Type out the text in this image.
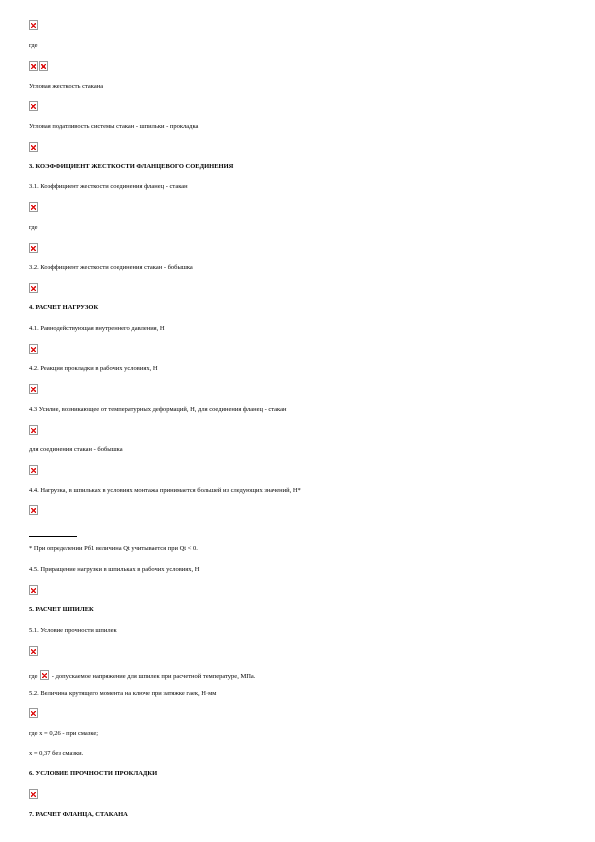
где
Угловая жесткость стакана
Угловая податливость системы стакан - шпильки - прокладка
3. КОЭФФИЦИЕНТ ЖЕСТКОСТИ ФЛАНЦЕВОГО СОЕДИНЕНИЯ
3.1. Коэффициент жесткости соединения фланец - стакан
где
3.2. Коэффициент жесткости соединения стакан - бобышка
4. РАСЧЕТ НАГРУЗОК
4.1. Равнодействующая внутреннего давления, Н
4.2. Реакция прокладки в рабочих условиях, Н
4.3 Усилие, возникающее от температурных деформаций, Н, для соединения фланец - стакан
для соединения стакан - бобышка
4.4. Нагрузка, в шпильках в условиях монтажа принимается большей из следующих значений, Н*
* При определении Рб1 величина Qt учитывается при Qt < 0.
4.5. Приращение нагрузки в шпильках в рабочих условиях, Н
5. РАСЧЕТ ШПИЛЕК
5.1. Условие прочности шпилек
где - допускаемое напряжение для шпилек при расчетной температуре, МПа.
5.2. Величина крутящего момента на ключе при затяжке гаек, Н·мм
где x = 0,26 - при смазке;
x = 0,37 без смазки.
6. УСЛОВИЕ ПРОЧНОСТИ ПРОКЛАДКИ
7. РАСЧЕТ ФЛАНЦА, СТАКАНА
